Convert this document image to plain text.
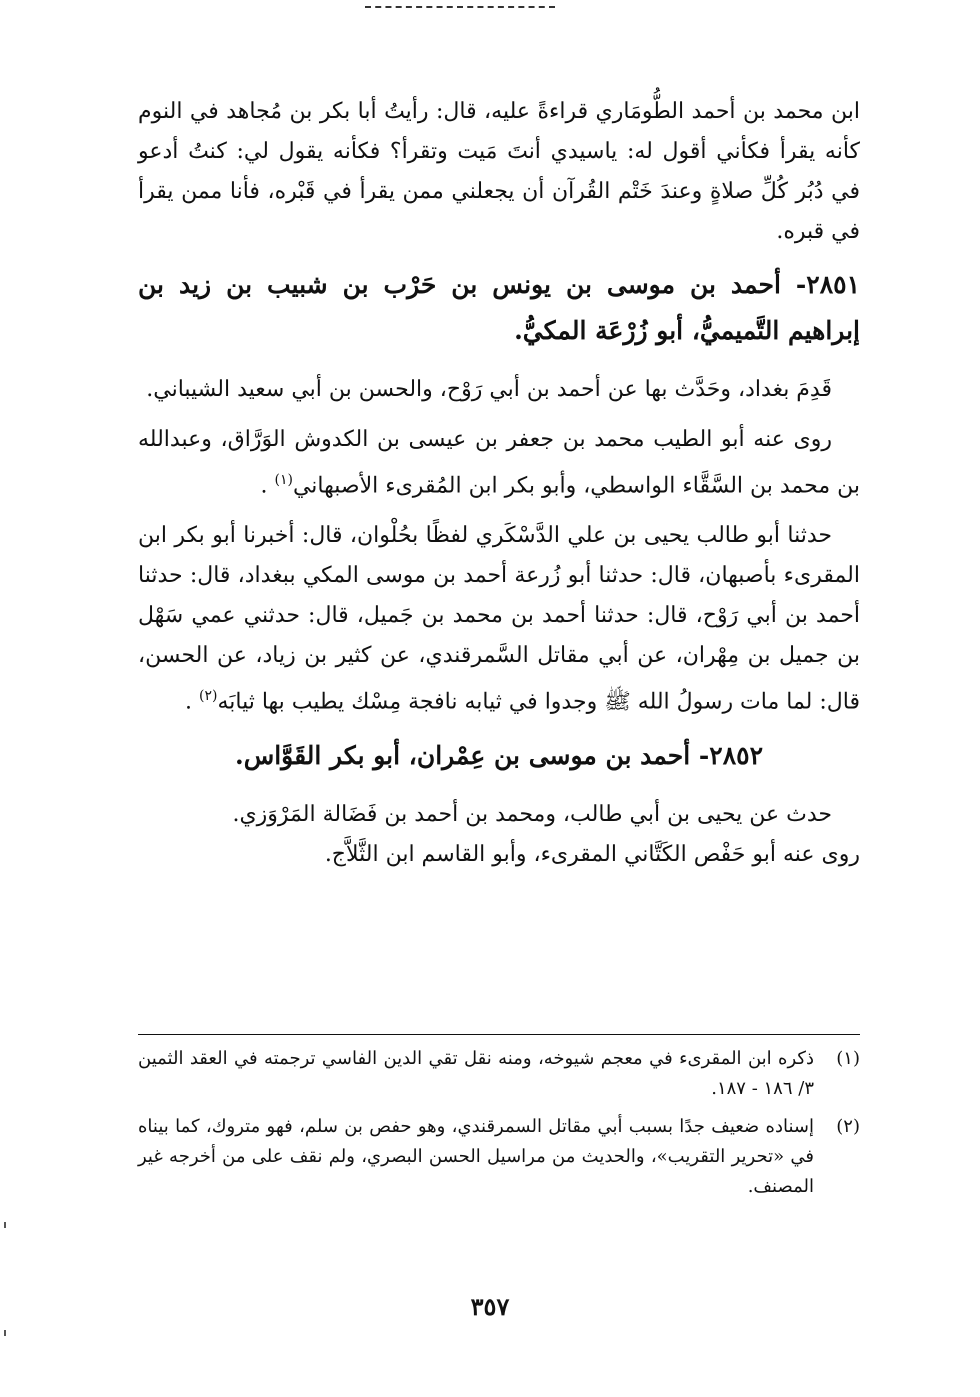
ابن محمد بن أحمد الطُّومَاري قراءةً عليه، قال: رأيتُ أبا بكر بن مُجاهد في النوم كأنه يقرأ فكأني أقول له: ياسيدي أنتَ مَيت وتقرأ؟ فكأنه يقول لي: كنتُ أدعو في دُبُر كُلِّ صلاةٍ وعندَ خَتْم القُرآن أن يجعلني ممن يقرأ في قَبْره، فأنا ممن يقرأ في قبره.

٢٨٥١- أحمد بن موسى بن يونس بن حَرْب بن شبيب بن زيد بن إبراهيم التَّميميُّ، أبو زُرْعَة المكيُّ.

قَدِمَ بغداد، وحَدَّث بها عن أحمد بن أبي رَوْح، والحسن بن أبي سعيد الشيباني.

روى عنه أبو الطيب محمد بن جعفر بن عيسى بن الكدوش الوَرَّاق، وعبدالله بن محمد بن السَّقَّاء الواسطي، وأبو بكر ابن المُقرىء الأصبهاني$^{(١)}$ .

حدثنا أبو طالب يحيى بن علي الدَّسْكَري لفظًا بحُلْوان، قال: أخبرنا أبو بكر ابن المقرىء بأصبهان، قال: حدثنا أبو زُرعة أحمد بن موسى المكي ببغداد، قال: حدثنا أحمد بن أبي رَوْح، قال: حدثنا أحمد بن محمد بن جَميل، قال: حدثني عمي سَهْل بن جميل بن مِهْران، عن أبي مقاتل السَّمرقندي، عن كثير بن زياد، عن الحسن، قال: لما مات رسولُ الله ﷺ وجدوا في ثيابه نافجة مِسْك يطيب بها ثيابَه$^{(٢)}$ .

٢٨٥٢- أحمد بن موسى بن عِمْران، أبو بكر القَوَّاس.

حدث عن يحيى بن أبي طالب، ومحمد بن أحمد بن فَضَالة المَرْوَزي.
روى عنه أبو حَفْص الكَتَّاني المقرىء، وأبو القاسم ابن الثَّلاَّج.

(١)
ذكره ابن المقرىء في معجم شيوخه، ومنه نقل تقي الدين الفاسي ترجمته في العقد الثمين ٣/ ١٨٦ - ١٨٧.
(٢)
إسناده ضعيف جدًا بسبب أبي مقاتل السمرقندي، وهو حفص بن سلم، فهو متروك، كما بيناه في «تحرير التقريب»، والحديث من مراسيل الحسن البصري، ولم نقف على من أخرجه غير المصنف.
٣٥٧
